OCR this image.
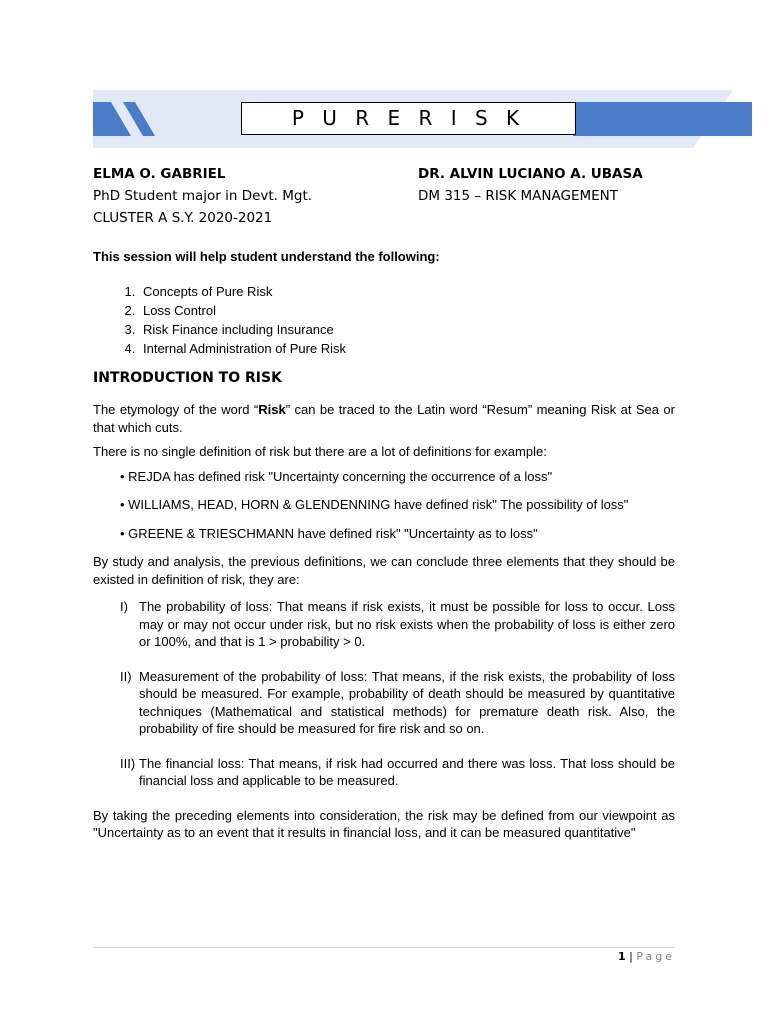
P U R E R I S K
ELMA O. GABRIEL
PhD Student major in Devt. Mgt.
CLUSTER A S.Y. 2020-2021
DR. ALVIN LUCIANO A. UBASA
DM 315 – RISK MANAGEMENT

This session will help student understand the following:

1. Concepts of Pure Risk
2. Loss Control
3. Risk Finance including Insurance
4. Internal Administration of Pure Risk
INTRODUCTION TO RISK

The etymology of the word “Risk” can be traced to the Latin word “Resum” meaning Risk at Sea or that which cuts.

There is no single definition of risk but there are a lot of definitions for example:

• REJDA has defined risk "Uncertainty concerning the occurrence of a loss"

• WILLIAMS, HEAD, HORN & GLENDENNING have defined risk" The possibility of loss"

• GREENE & TRIESCHMANN have defined risk" "Uncertainty as to loss"

By study and analysis, the previous definitions, we can conclude three elements that they should be existed in definition of risk, they are:

I) The probability of loss: That means if risk exists, it must be possible for loss to occur. Loss may or may not occur under risk, but no risk exists when the probability of loss is either zero or 100%, and that is 1 > probability > 0.
II) Measurement of the probability of loss: That means, if the risk exists, the probability of loss should be measured. For example, probability of death should be measured by quantitative techniques (Mathematical and statistical methods) for premature death risk. Also, the probability of fire should be measured for fire risk and so on.
III) The financial loss: That means, if risk had occurred and there was loss. That loss should be financial loss and applicable to be measured.

By taking the preceding elements into consideration, the risk may be defined from our viewpoint as "Uncertainty as to an event that it results in financial loss, and it can be measured quantitative"

1 | Page
